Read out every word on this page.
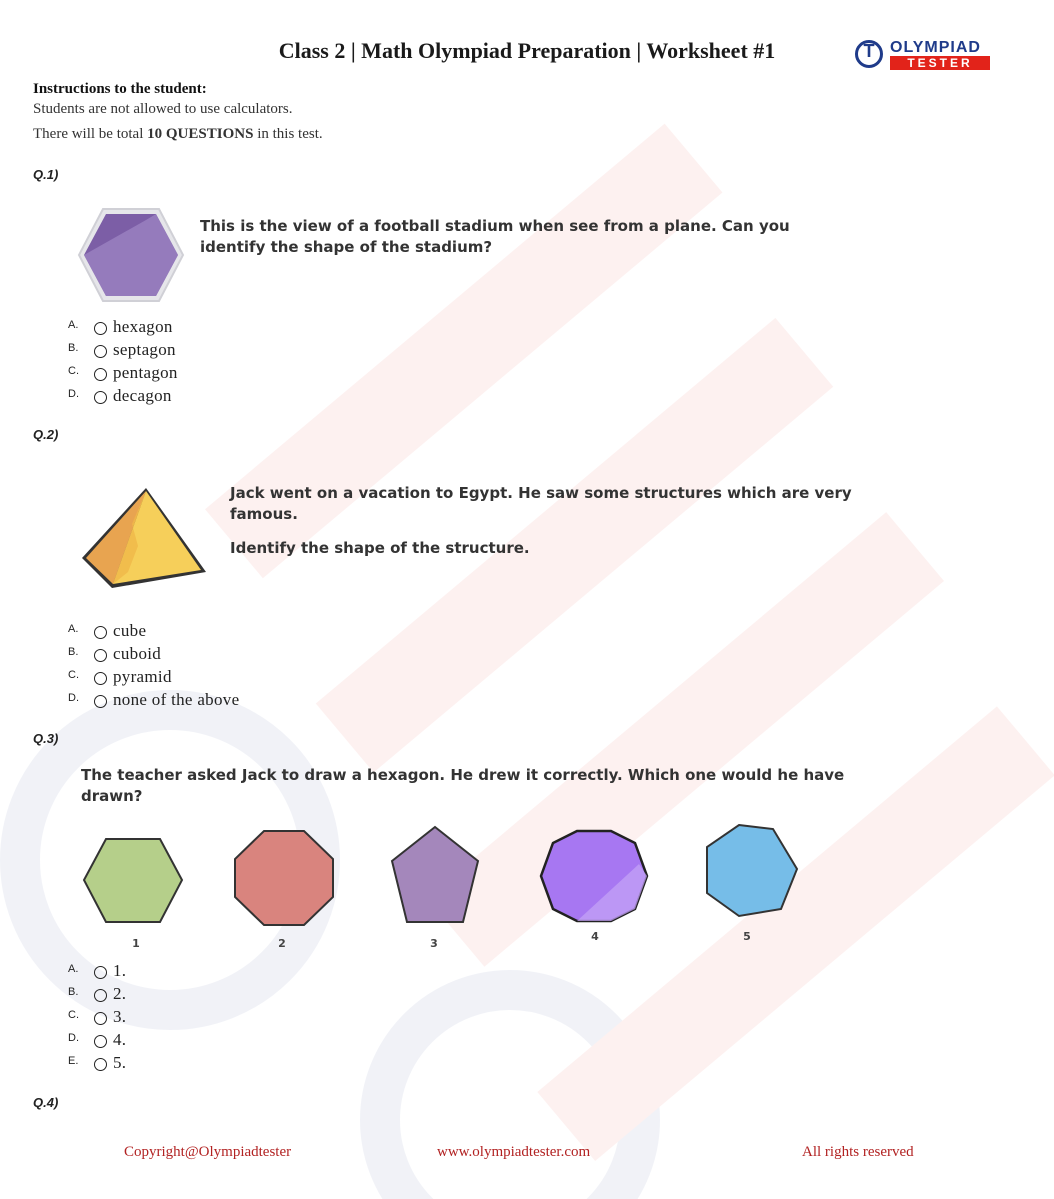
Class 2 | Math Olympiad Preparation | Worksheet #1	T OLYMPIAD
TESTER
Instructions to the student:
Students are not allowed to use calculators.
There will be total 10 QUESTIONS in this test.
Q.1)
This is the view of a football stadium when see from a plane. Can you identify the shape of the stadium?
A. hexagon
B. septagon
C. pentagon
D. decagon
Q.2)
Jack went on a vacation to Egypt. He saw some structures which are very famous.
Identify the shape of the structure.
A. cube
B. cuboid
C. pyramid
D. none of the above
Q.3)
The teacher asked Jack to draw a hexagon. He drew it correctly. Which one would he have drawn?
1	2	3
4	5
A. 1.
B. 2.
C. 3.
D. 4.
E. 5.
Q.4)
Copyright@Olympiadtester	www.olympiadtester.com	All rights reserved
